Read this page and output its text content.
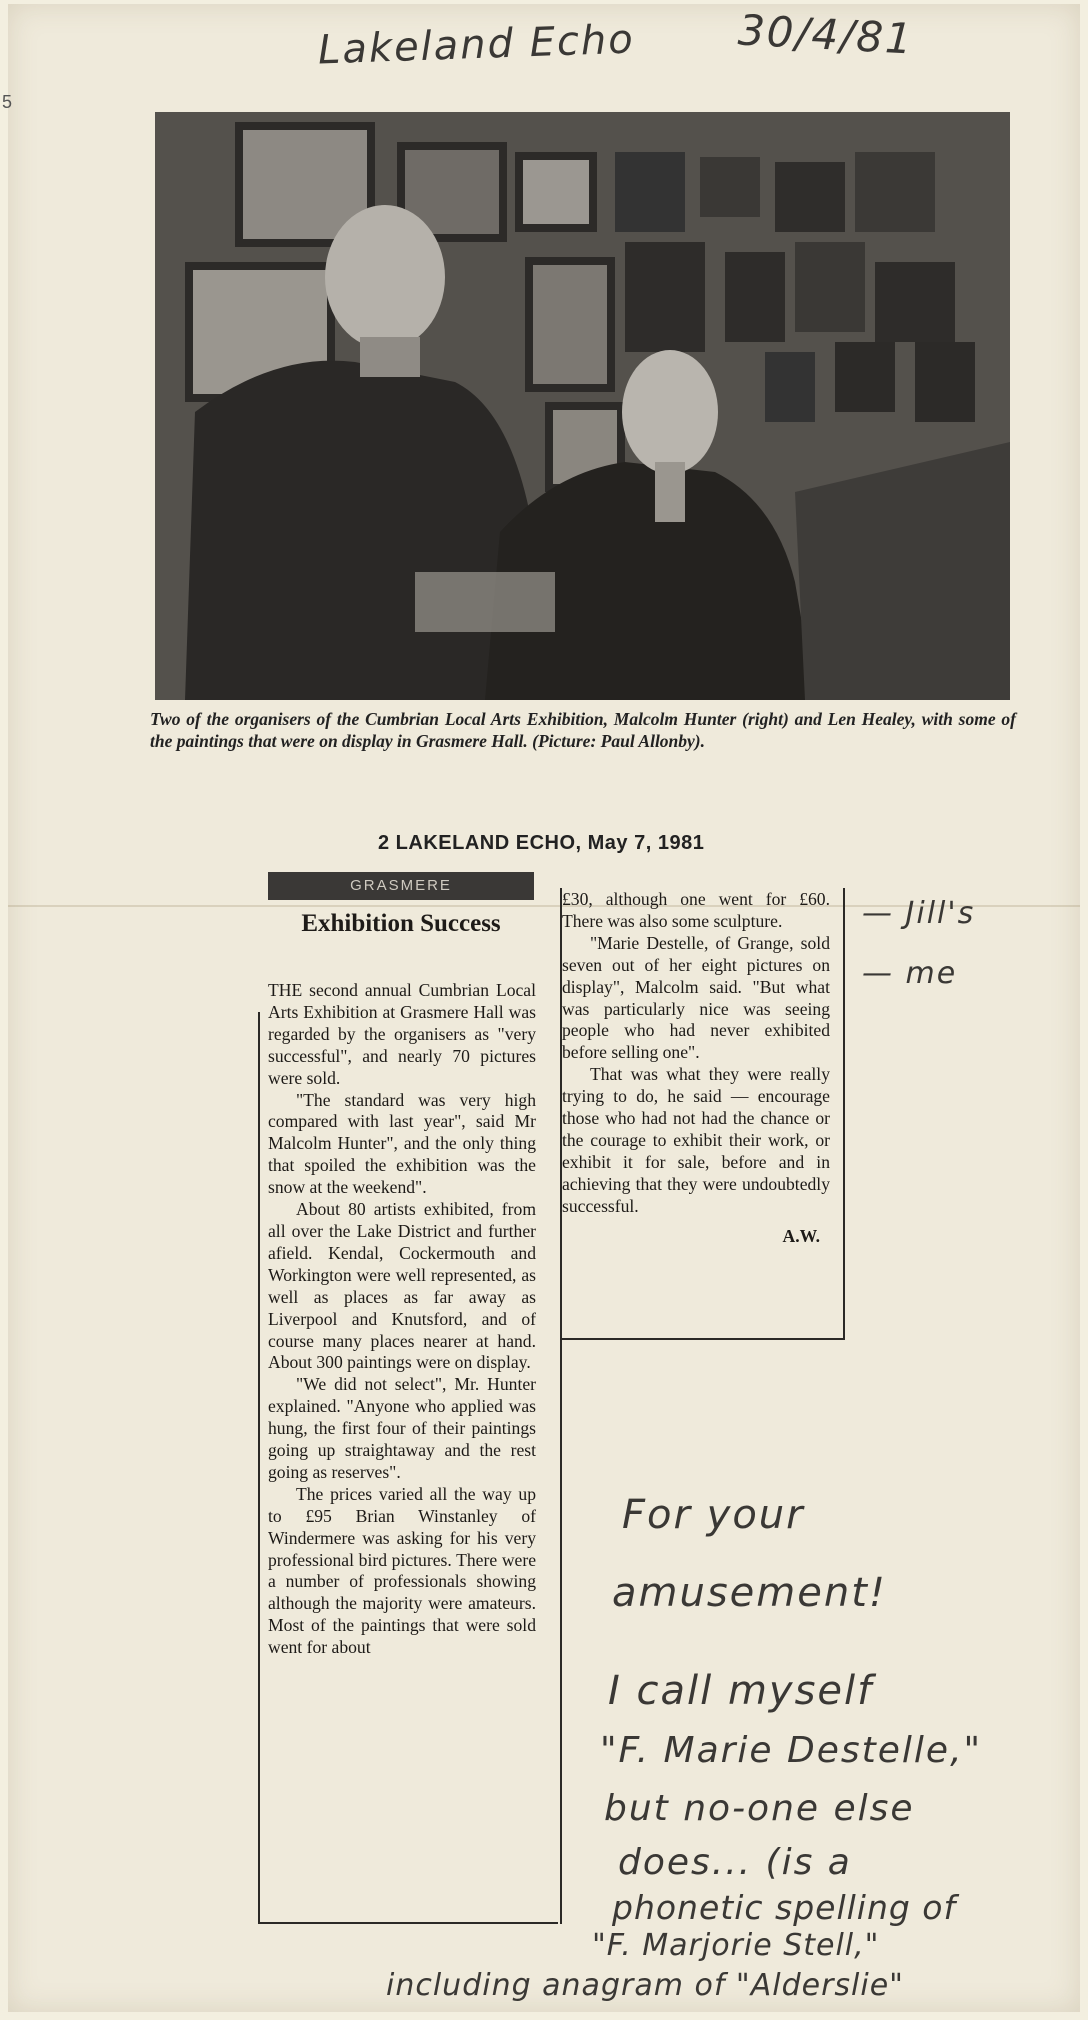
Lakeland Echo 30/4/81
5
Two of the organisers of the Cumbrian Local Arts Exhibition, Malcolm Hunter (right) and Len Healey, with some of the paintings that were on display in Grasmere Hall. (Picture: Paul Allonby).
2 LAKELAND ECHO, May 7, 1981
GRASMERE
Exhibition Success

THE second annual Cumbrian Local Arts Exhibition at Grasmere Hall was regarded by the organisers as "very successful", and nearly 70 pictures were sold.

"The standard was very high compared with last year", said Mr Malcolm Hunter", and the only thing that spoiled the exhibition was the snow at the weekend".

About 80 artists exhibited, from all over the Lake District and further afield. Kendal, Cockermouth and Workington were well represented, as well as places as far away as Liverpool and Knutsford, and of course many places nearer at hand. About 300 paintings were on display.

"We did not select", Mr. Hunter explained. "Anyone who applied was hung, the first four of their paintings going up straightaway and the rest going as reserves".

The prices varied all the way up to £95 Brian Winstanley of Windermere was asking for his very professional bird pictures. There were a number of professionals showing although the majority were amateurs. Most of the paintings that were sold went for about

£30, although one went for £60. There was also some sculpture.

"Marie Destelle, of Grange, sold seven out of her eight pictures on display", Malcolm said. "But what was particularly nice was seeing people who had never exhibited before selling one".

That was what they were really trying to do, he said — encourage those who had not had the chance or the courage to exhibit their work, or exhibit it for sale, before and in achieving that they were undoubtedly successful.

A.W.
— Jill's
— me
For your
amusement!
I call myself
"F. Marie Destelle,"
but no-one else
does... (is a
phonetic spelling of
"F. Marjorie Stell,"
including anagram of "Alderslie"
